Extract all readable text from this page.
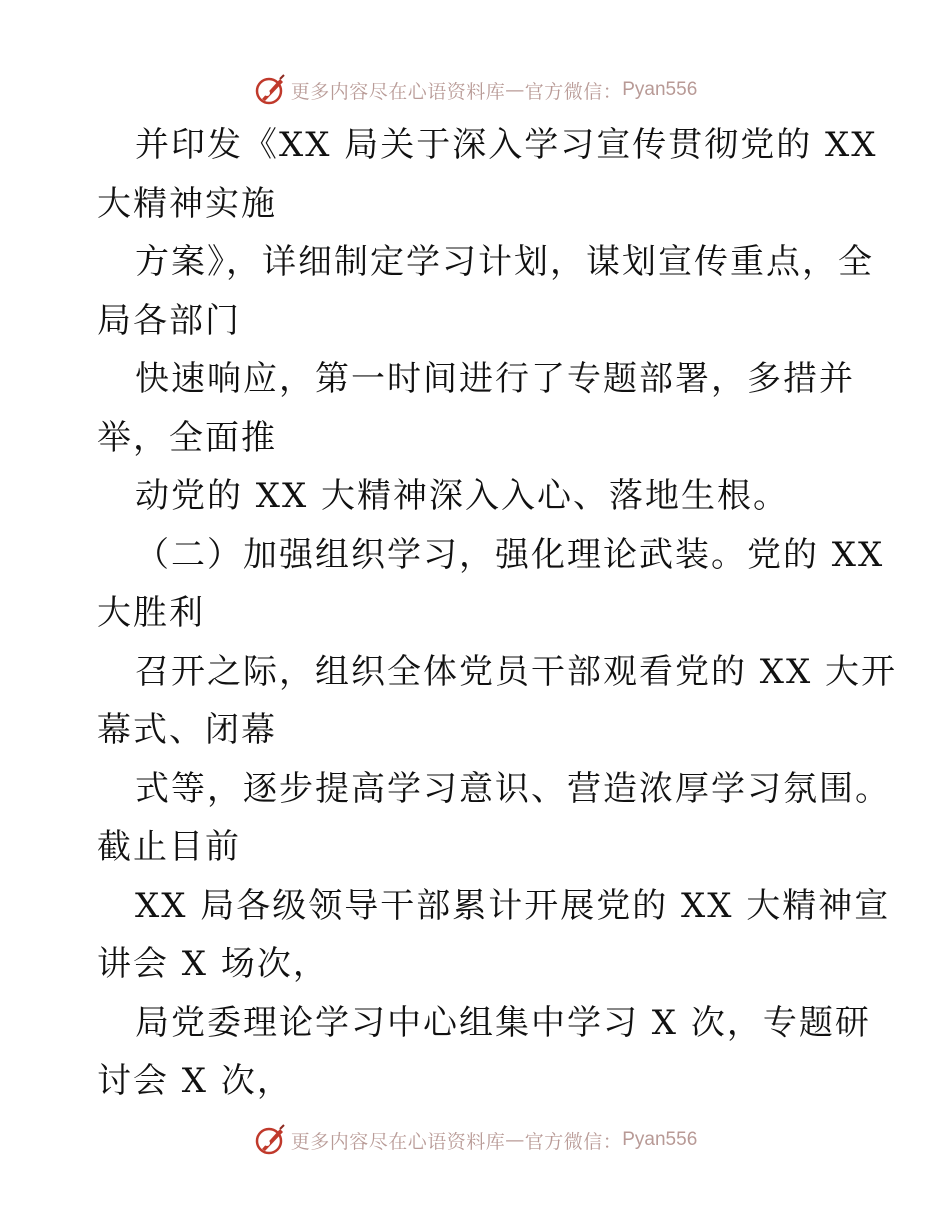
更多内容尽在心语资料库 — 官方微信： Pyan556
并印发《XX 局关于深入学习宣传贯彻党的 XX
大精神实施
方案》，详细制定学习计划，谋划宣传重点，全
局各部门
快速响应，第一时间进行了专题部署，多措并
举，全面推
动党的 XX 大精神深入入心、落地生根。
（二）加强组织学习，强化理论武装。党的 XX
大胜利
召开之际，组织全体党员干部观看党的 XX 大开
幕式、闭幕
式等，逐步提高学习意识、营造浓厚学习氛围。
截止目前
XX 局各级领导干部累计开展党的 XX 大精神宣
讲会 X 场次，
局党委理论学习中心组集中学习 X 次，专题研
讨会 X 次，
更多内容尽在心语资料库 — 官方微信： Pyan556
